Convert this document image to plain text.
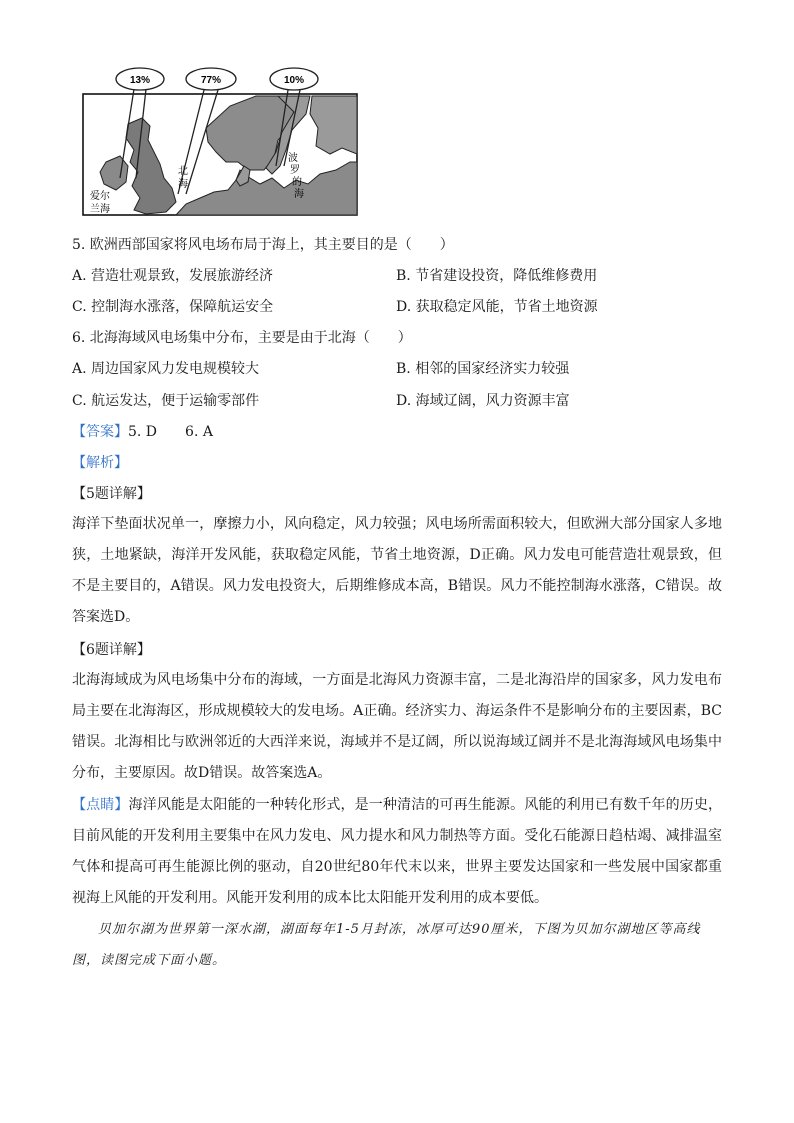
13%	77%	10%
北
海
爱尔
兰海
波
罗
的
海
5. 欧洲西部国家将风电场布局于海上，其主要目的是（　　）
A. 营造壮观景致，发展旅游经济	B. 节省建设投资，降低维修费用
C. 控制海水涨落，保障航运安全	D. 获取稳定风能，节省土地资源
6. 北海海域风电场集中分布，主要是由于北海（　　）
A. 周边国家风力发电规模较大	B. 相邻的国家经济实力较强
C. 航运发达，便于运输零部件	D. 海域辽阔，风力资源丰富
【答案】5. D　　6. A
【解析】
【5题详解】

海洋下垫面状况单一，摩擦力小，风向稳定，风力较强；风电场所需面积较大，但欧洲大部分国家人多地狭，土地紧缺，海洋开发风能，获取稳定风能，节省土地资源，D正确。风力发电可能营造壮观景致，但不是主要目的，A错误。风力发电投资大，后期维修成本高，B错误。风力不能控制海水涨落，C错误。故答案选D。

【6题详解】

北海海域成为风电场集中分布的海域，一方面是北海风力资源丰富，二是北海沿岸的国家多，风力发电布局主要在北海海区，形成规模较大的发电场。A正确。经济实力、海运条件不是影响分布的主要因素，BC错误。北海相比与欧洲邻近的大西洋来说，海域并不是辽阔，所以说海域辽阔并不是北海海域风电场集中分布，主要原因。故D错误。故答案选A。

【点睛】海洋风能是太阳能的一种转化形式，是一种清洁的可再生能源。风能的利用已有数千年的历史，目前风能的开发利用主要集中在风力发电、风力提水和风力制热等方面。受化石能源日趋枯竭、减排温室气体和提高可再生能源比例的驱动，自20世纪80年代末以来，世界主要发达国家和一些发展中国家都重视海上风能的开发利用。风能开发利用的成本比太阳能开发利用的成本要低。

贝加尔湖为世界第一深水湖，湖面每年1-5月封冻，冰厚可达90厘米，下图为贝加尔湖地区等高线图，读图完成下面小题。
